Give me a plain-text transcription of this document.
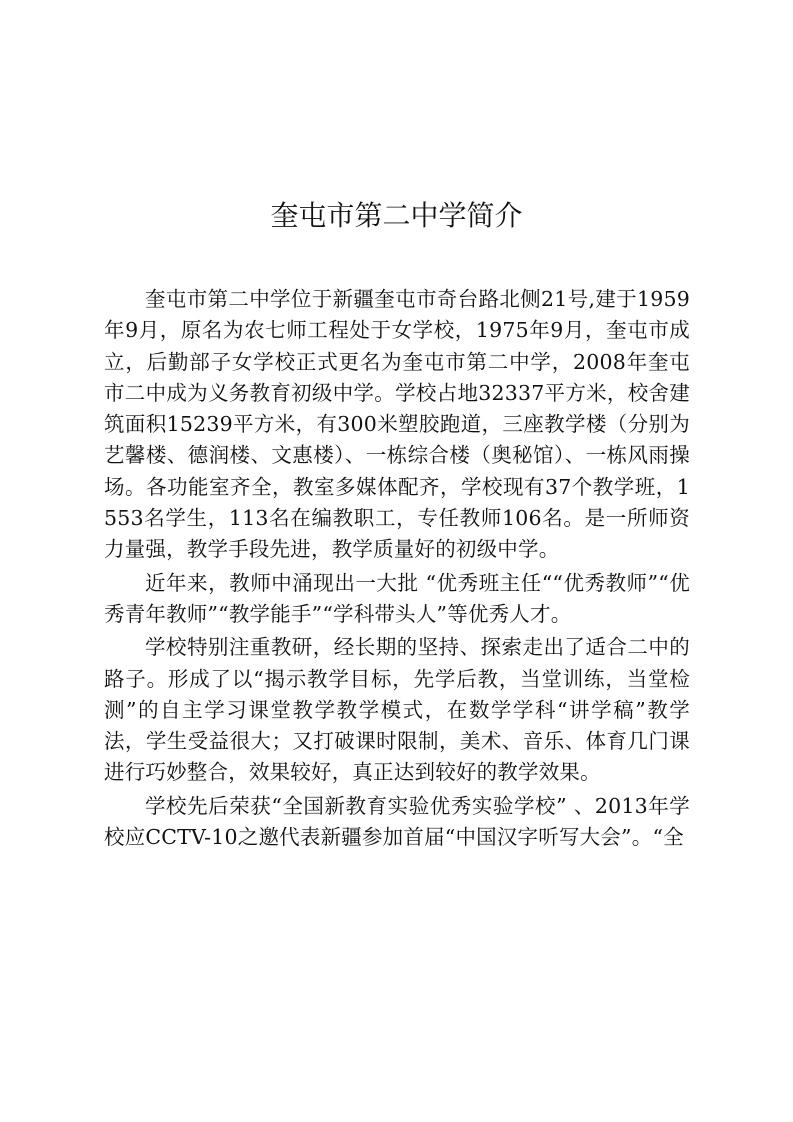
奎屯市第二中学简介

奎屯市第二中学位于新疆奎屯市奇台路北侧21号,建于1959年9月，原名为农七师工程处于女学校，1975年9月，奎屯市成立，后勤部子女学校正式更名为奎屯市第二中学，2008年奎屯市二中成为义务教育初级中学。学校占地32337平方米，校舍建筑面积15239平方米，有300米塑胶跑道，三座教学楼（分别为艺馨楼、德润楼、文惠楼）、一栋综合楼（奥秘馆）、一栋风雨操场。各功能室齐全，教室多媒体配齐，学校现有37个教学班，1553名学生，113名在编教职工，专任教师106名。是一所师资力量强，教学手段先进，教学质量好的初级中学。

近年来，教师中涌现出一大批 “优秀班主任““优秀教师”“优秀青年教师”“教学能手”“学科带头人”等优秀人才。

学校特别注重教研，经长期的坚持、探索走出了适合二中的路子。形成了以“揭示教学目标，先学后教，当堂训练，当堂检测”的自主学习课堂教学教学模式，在数学学科“讲学稿”教学法，学生受益很大；又打破课时限制，美术、音乐、体育几门课进行巧妙整合，效果较好，真正达到较好的教学效果。

学校先后荣获“全国新教育实验优秀实验学校” 、2013年学校应CCTV-10之邀代表新疆参加首届“中国汉字听写大会”。“全
